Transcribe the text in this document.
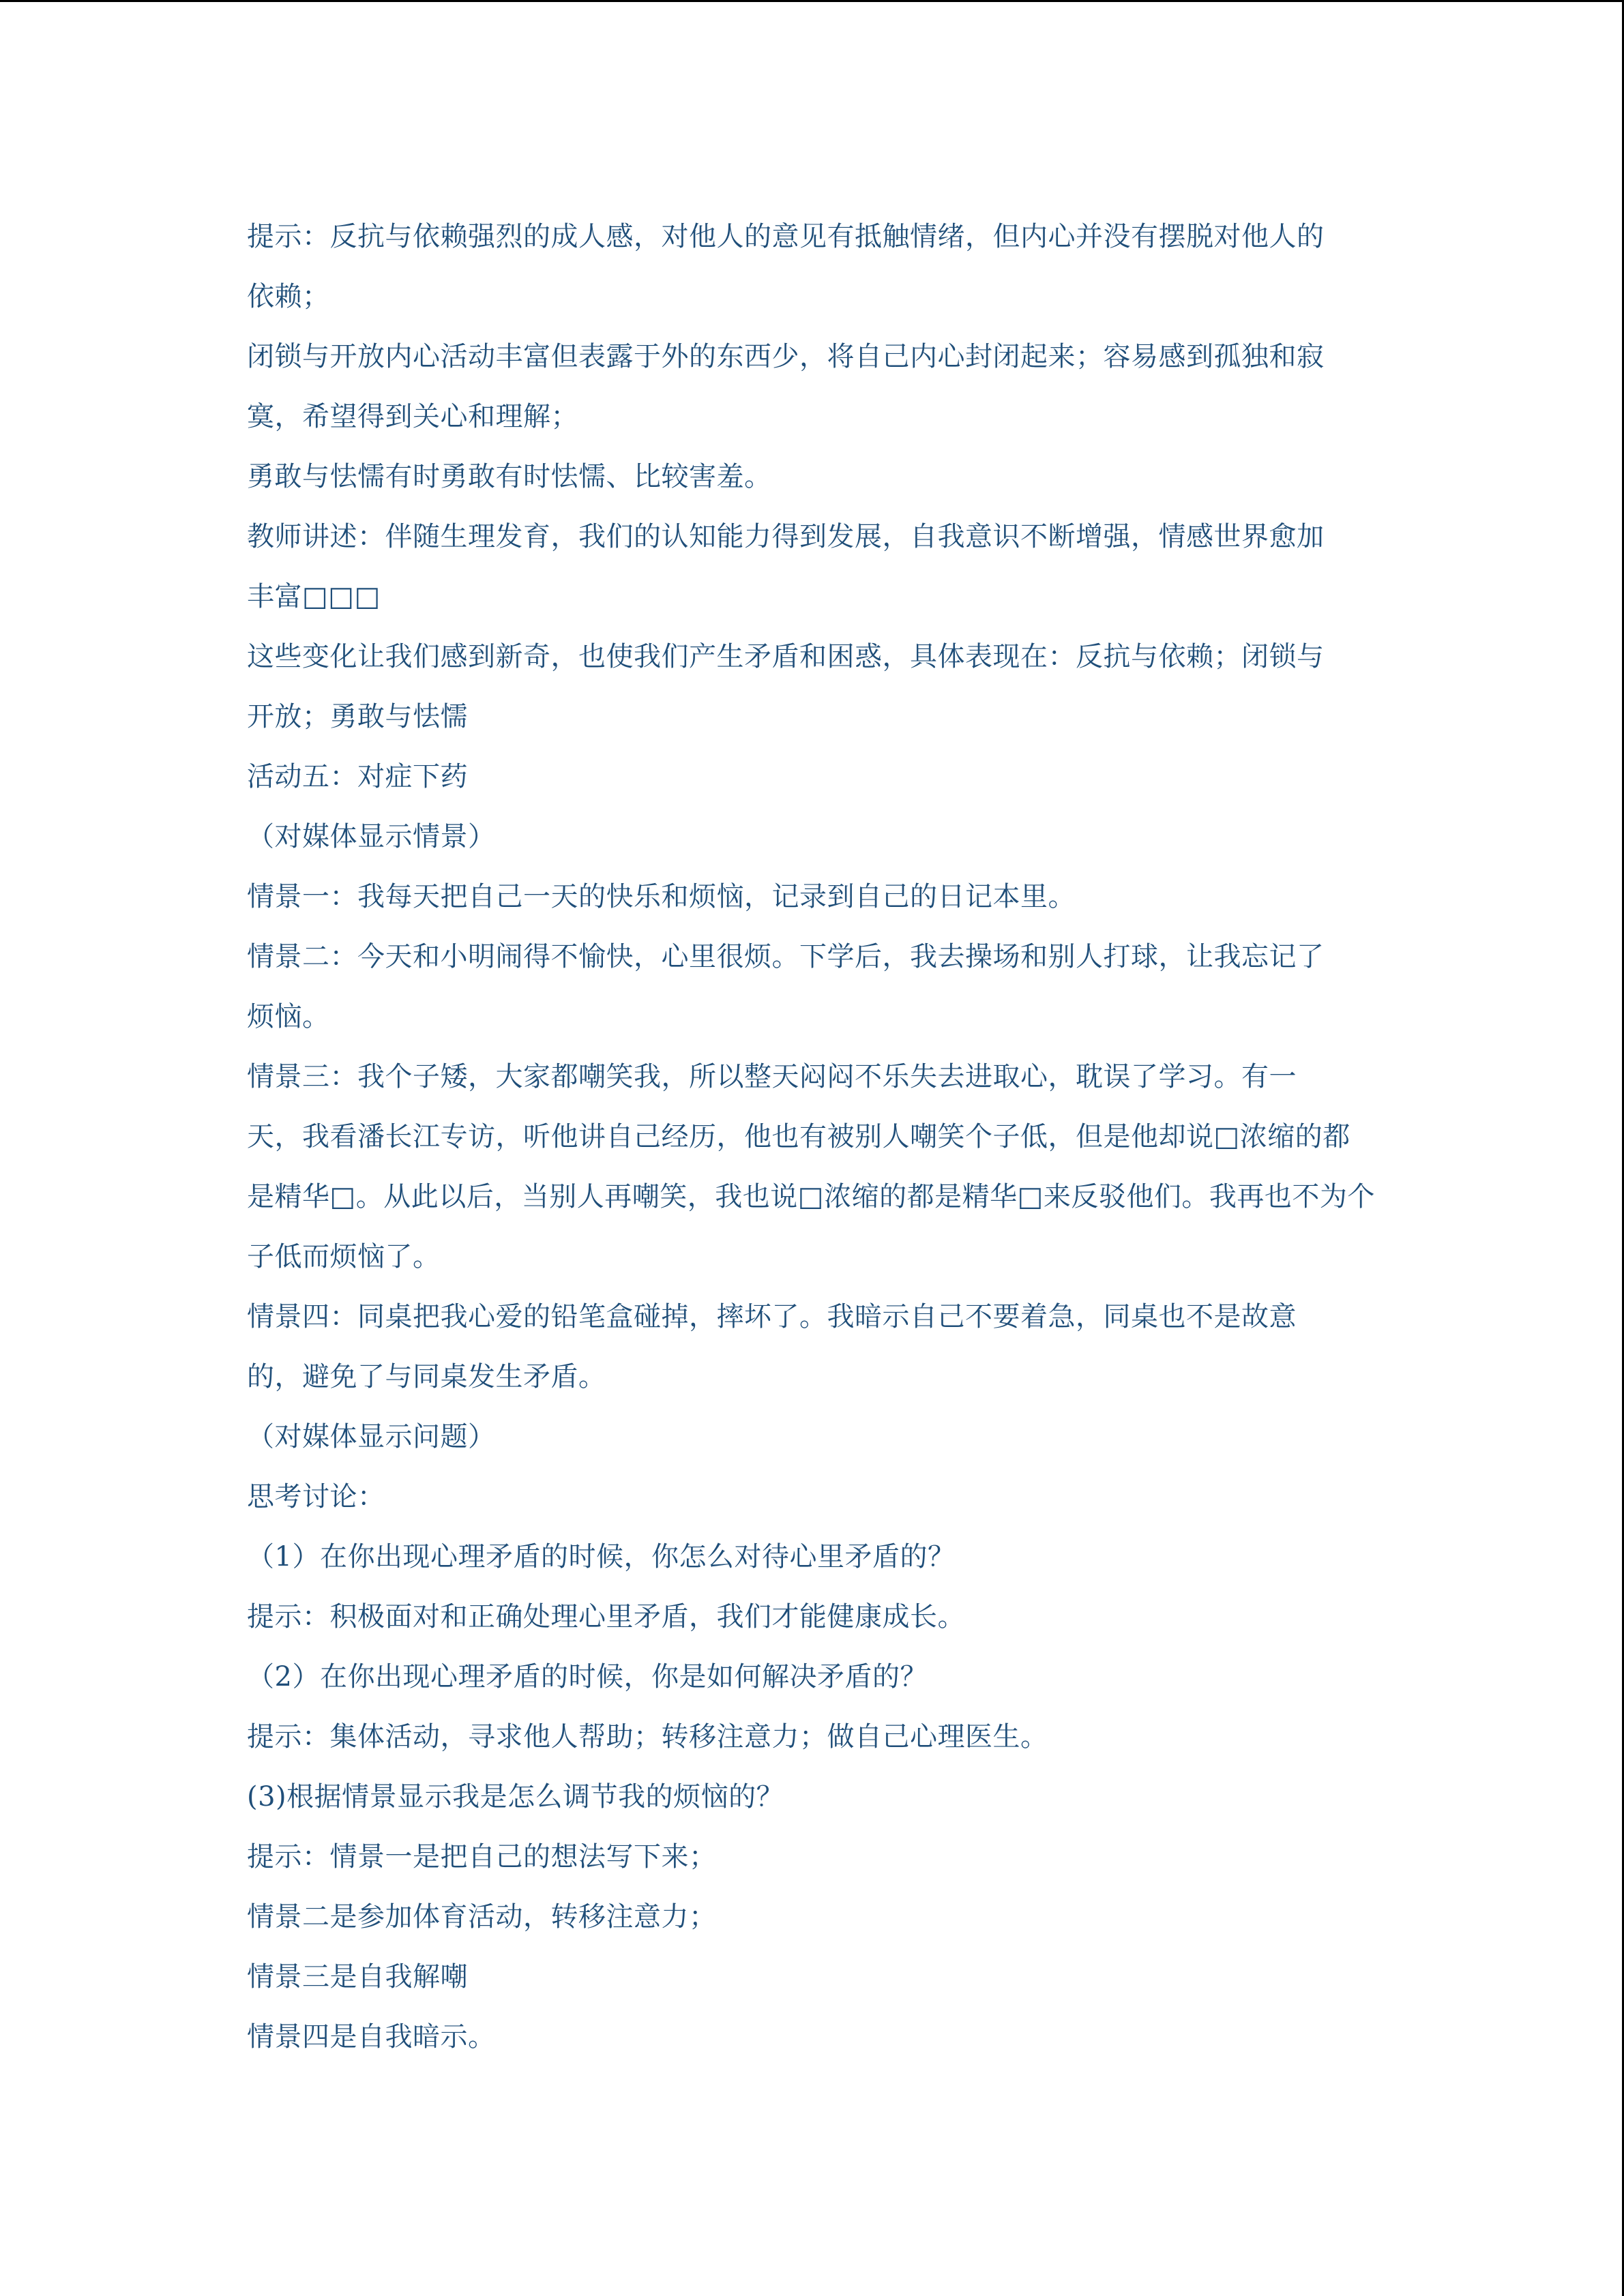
提示：反抗与依赖强烈的成人感，对他人的意见有抵触情绪，但内心并没有摆脱对他人的
依赖；
闭锁与开放内心活动丰富但表露于外的东西少，将自己内心封闭起来；容易感到孤独和寂
寞，希望得到关心和理解；
勇敢与怯懦有时勇敢有时怯懦、比较害羞。
教师讲述：伴随生理发育，我们的认知能力得到发展，自我意识不断增强，情感世界愈加
丰富□□□
这些变化让我们感到新奇，也使我们产生矛盾和困惑，具体表现在：反抗与依赖；闭锁与
开放；勇敢与怯懦
活动五：对症下药
（对媒体显示情景）
情景一：我每天把自己一天的快乐和烦恼，记录到自己的日记本里。
情景二：今天和小明闹得不愉快，心里很烦。下学后，我去操场和别人打球，让我忘记了
烦恼。
情景三：我个子矮，大家都嘲笑我，所以整天闷闷不乐失去进取心，耽误了学习。有一
天，我看潘长江专访，听他讲自己经历，他也有被别人嘲笑个子低，但是他却说□浓缩的都
是精华□。从此以后，当别人再嘲笑，我也说□浓缩的都是精华□来反驳他们。我再也不为个
子低而烦恼了。
情景四：同桌把我心爱的铅笔盒碰掉，摔坏了。我暗示自己不要着急，同桌也不是故意
的，避免了与同桌发生矛盾。
（对媒体显示问题）
思考讨论：
（1）在你出现心理矛盾的时候，你怎么对待心里矛盾的？
提示：积极面对和正确处理心里矛盾，我们才能健康成长。
（2）在你出现心理矛盾的时候，你是如何解决矛盾的？
提示：集体活动，寻求他人帮助；转移注意力；做自己心理医生。
(3)根据情景显示我是怎么调节我的烦恼的？
提示：情景一是把自己的想法写下来；
情景二是参加体育活动，转移注意力；
情景三是自我解嘲
情景四是自我暗示。
